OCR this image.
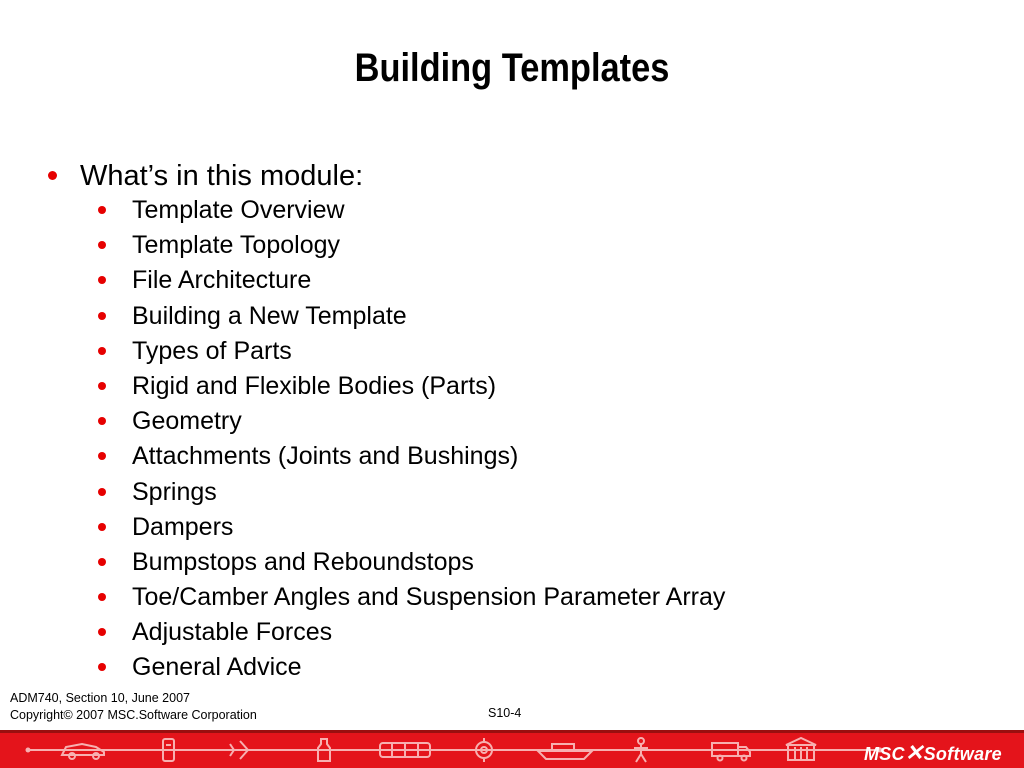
Building Templates
What’s in this module:
Template Overview
Template Topology
File Architecture
Building a New Template
Types of Parts
Rigid and Flexible Bodies (Parts)
Geometry
Attachments (Joints and Bushings)
Springs
Dampers
Bumpstops and Reboundstops
Toe/Camber Angles and Suspension Parameter Array
Adjustable Forces
General Advice
ADM740, Section 10, June 2007
Copyright© 2007 MSC.Software Corporation	S10-4
MSC✕Software
